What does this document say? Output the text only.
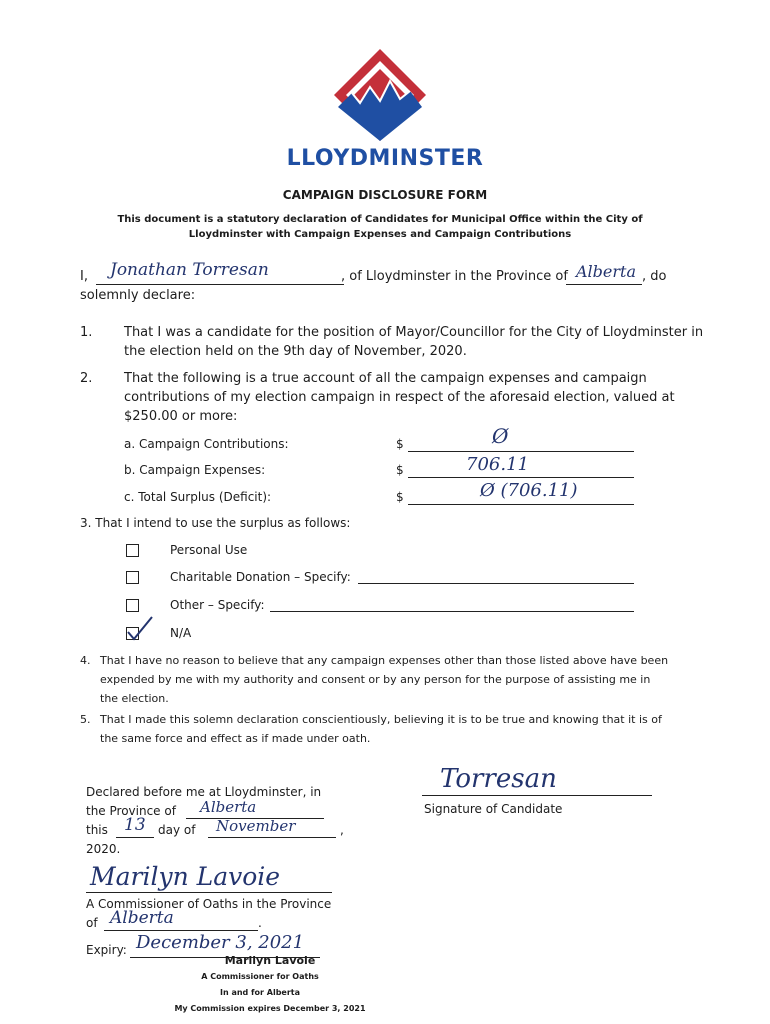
LLOYDMINSTER
CAMPAIGN DISCLOSURE FORM
This document is a statutory declaration of Candidates for Municipal Office within the City of Lloydminster with Campaign Expenses and Campaign Contributions
I, Jonathan Torresan	, of Lloydminster in the Province of Alberta , do
solemnly declare:
1. That I was a candidate for the position of Mayor/Councillor for the City of Lloydminster in
the election held on the 9th day of November, 2020.
2. That the following is a true account of all the campaign expenses and campaign
contributions of my election campaign in respect of the aforesaid election, valued at
$250.00 or more:
a. Campaign Contributions:	$	Ø
b. Campaign Expenses:	$	706.11
c. Total Surplus (Deficit):	$	Ø (706.11)
3. That I intend to use the surplus as follows:
Personal Use
Charitable Donation – Specify:
Other – Specify:
N/A
4. That I have no reason to believe that any campaign expenses other than those listed above have been
expended by me with my authority and consent or by any person for the purpose of assisting me in
the election.
5. That I made this solemn declaration conscientiously, believing it is to be true and knowing that it is of
the same force and effect as if made under oath.
Torresan
Signature of Candidate
Declared before me at Lloydminster, in
the Province of Alberta
this 13 day of November	,
2020.
Marilyn Lavoie
A Commissioner of Oaths in the Province
of Alberta	.
Expiry: December 3, 2021
Marilyn Lavoie
A Commissioner for Oaths
In and for Alberta
My Commission expires December 3, 2021
